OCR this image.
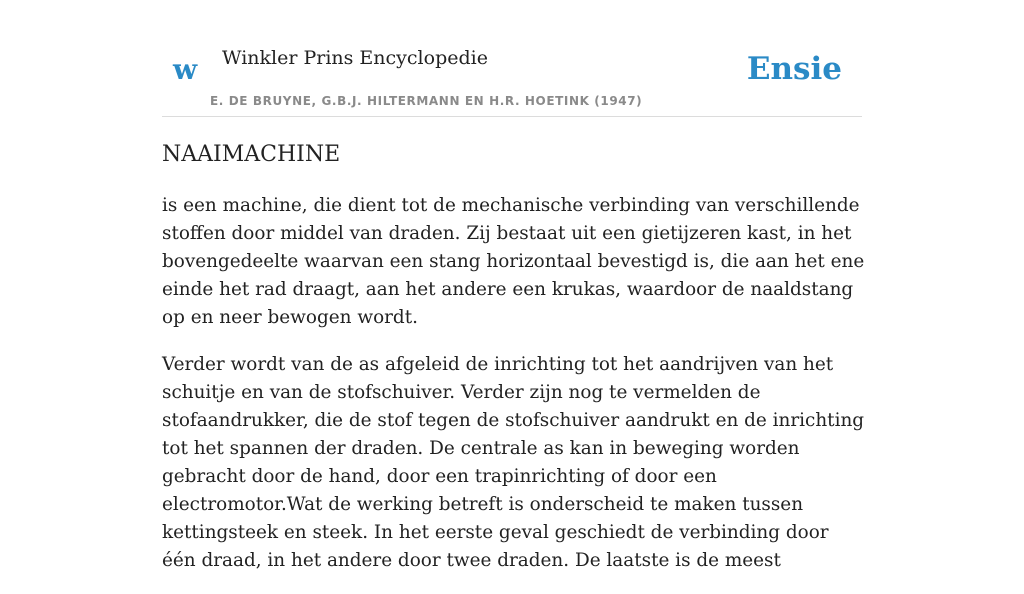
w Winkler Prins Encyclopedie
E. DE BRUYNE, G.B.J. HILTERMANN EN H.R. HOETINK (1947)
Ensie
NAAIMACHINE

is een machine, die dient tot de mechanische verbinding van verschillende stoffen door middel van draden. Zij bestaat uit een gietijzeren kast, in het bovengedeelte waarvan een stang horizontaal bevestigd is, die aan het ene einde het rad draagt, aan het andere een krukas, waardoor de naaldstang op en neer bewogen wordt.

Verder wordt van de as afgeleid de inrichting tot het aandrijven van het schuitje en van de stofschuiver. Verder zijn nog te vermelden de stofaandrukker, die de stof tegen de stofschuiver aandrukt en de inrichting tot het spannen der draden. De centrale as kan in beweging worden gebracht door de hand, door een trapinrichting of door een electromotor.Wat de werking betreft is onderscheid te maken tussen kettingsteek en steek. In het eerste geval geschiedt de verbinding door één draad, in het andere door twee draden. De laatste is de meest
